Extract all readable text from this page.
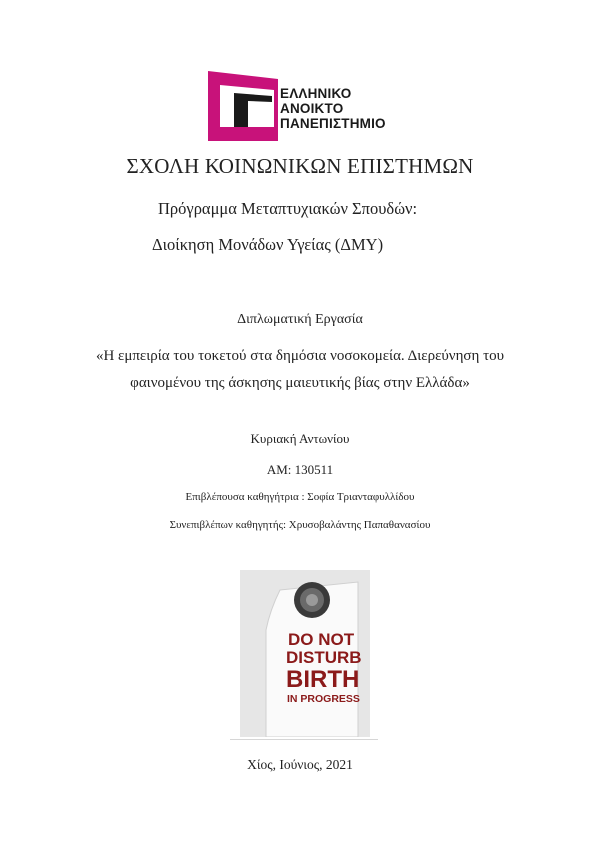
ΕΛΛΗΝΙΚΟ
ΑΝΟΙΚΤΟ
ΠΑΝΕΠΙΣΤΗΜΙΟ
ΣΧΟΛΗ ΚΟΙΝΩΝΙΚΩΝ ΕΠΙΣΤΗΜΩΝ
Πρόγραμμα Μεταπτυχιακών Σπουδών:
Διοίκηση Μονάδων Υγείας (ΔΜΥ)
Διπλωματική Εργασία
«Η εμπειρία του τοκετού στα δημόσια νοσοκομεία. Διερεύνηση του
φαινομένου της άσκησης μαιευτικής βίας στην Ελλάδα»
Κυριακή Αντωνίου
ΑΜ: 130511
Επιβλέπουσα καθηγήτρια : Σοφία Τριανταφυλλίδου
Συνεπιβλέπων καθηγητής: Χρυσοβαλάντης Παπαθανασίου
DO NOT
DISTURB
BIRTH
IN PROGRESS
Χίος, Ιούνιος, 2021
